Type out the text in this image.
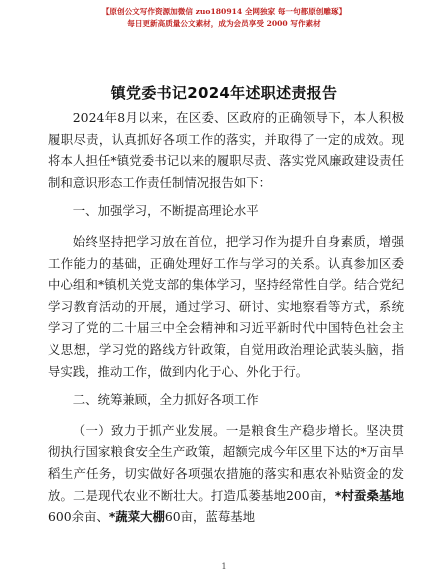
【原创公文写作资源加微信 zuo180914 全网独家 每一句都原创雕琢】
每日更新高质量公文素材，成为会员享受 2000 写作素材
镇党委书记2024年述职述责报告

2024年8月以来，在区委、区政府的正确领导下，本人积极履职尽责，认真抓好各项工作的落实，并取得了一定的成效。现将本人担任*镇党委书记以来的履职尽责、落实党风廉政建设责任制和意识形态工作责任制情况报告如下：

一、加强学习，不断提高理论水平

始终坚持把学习放在首位，把学习作为提升自身素质，增强工作能力的基础，正确处理好工作与学习的关系。认真参加区委中心组和*镇机关党支部的集体学习，坚持经常性自学。结合党纪学习教育活动的开展，通过学习、研讨、实地察看等方式，系统学习了党的二十届三中全会精神和习近平新时代中国特色社会主义思想，学习党的路线方针政策，自觉用政治理论武装头脑，指导实践，推动工作，做到内化于心、外化于行。

二、统筹兼顾，全力抓好各项工作

（一）致力于抓产业发展。一是粮食生产稳步增长。坚决贯彻执行国家粮食安全生产政策，超额完成今年区里下达的*万亩旱稻生产任务，切实做好各项强农措施的落实和惠农补贴资金的发放。二是现代农业不断壮大。打造瓜蒌基地200亩，*村蚕桑基地600余亩、*蔬菜大棚60亩，蓝莓基地

1
